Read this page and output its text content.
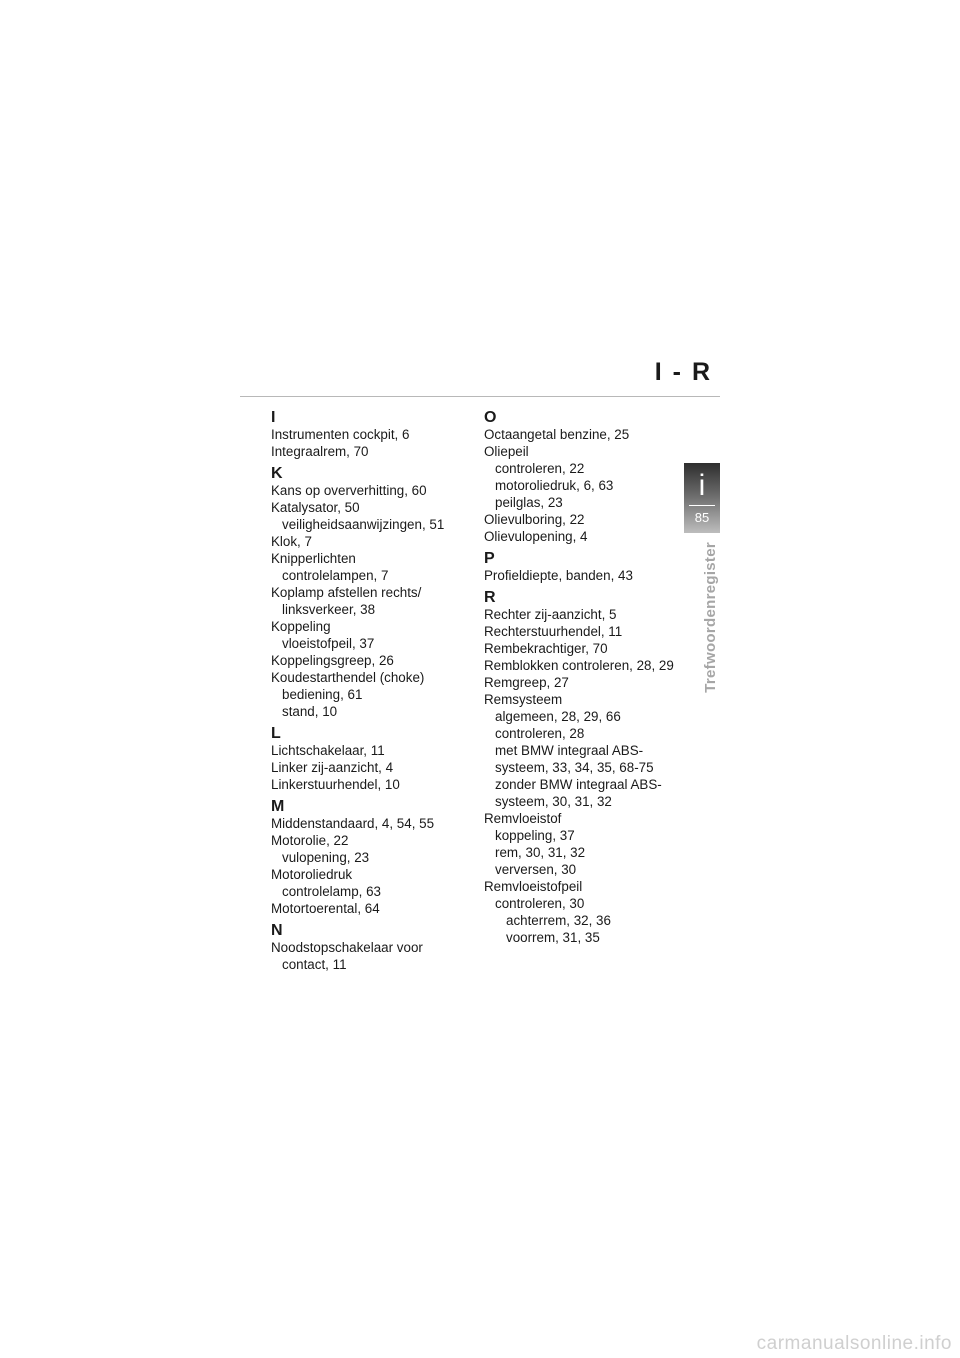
I - R
i
85
Trefwoordenregister
I
Instrumenten cockpit, 6
Integraalrem, 70
K
Kans op oververhitting, 60
Katalysator, 50
veiligheidsaanwijzingen, 51
Klok, 7
Knipperlichten
controlelampen, 7
Koplamp afstellen rechts/
linksverkeer, 38
Koppeling
vloeistofpeil, 37
Koppelingsgreep, 26
Koudestarthendel (choke)
bediening, 61
stand, 10
L
Lichtschakelaar, 11
Linker zij-aanzicht, 4
Linkerstuurhendel, 10
M
Middenstandaard, 4, 54, 55
Motorolie, 22
vulopening, 23
Motoroliedruk
controlelamp, 63
Motortoerental, 64
N
Noodstopschakelaar voor
contact, 11
O
Octaangetal benzine, 25
Oliepeil
controleren, 22
motoroliedruk, 6, 63
peilglas, 23
Olievulboring, 22
Olievulopening, 4
P
Profieldiepte, banden, 43
R
Rechter zij-aanzicht, 5
Rechterstuurhendel, 11
Rembekrachtiger, 70
Remblokken controleren, 28, 29
Remgreep, 27
Remsysteem
algemeen, 28, 29, 66
controleren, 28
met BMW integraal ABS-
systeem, 33, 34, 35, 68-75
zonder BMW integraal ABS-
systeem, 30, 31, 32
Remvloeistof
koppeling, 37
rem, 30, 31, 32
verversen, 30
Remvloeistofpeil
controleren, 30
achterrem, 32, 36
voorrem, 31, 35
carmanualsonline.info
